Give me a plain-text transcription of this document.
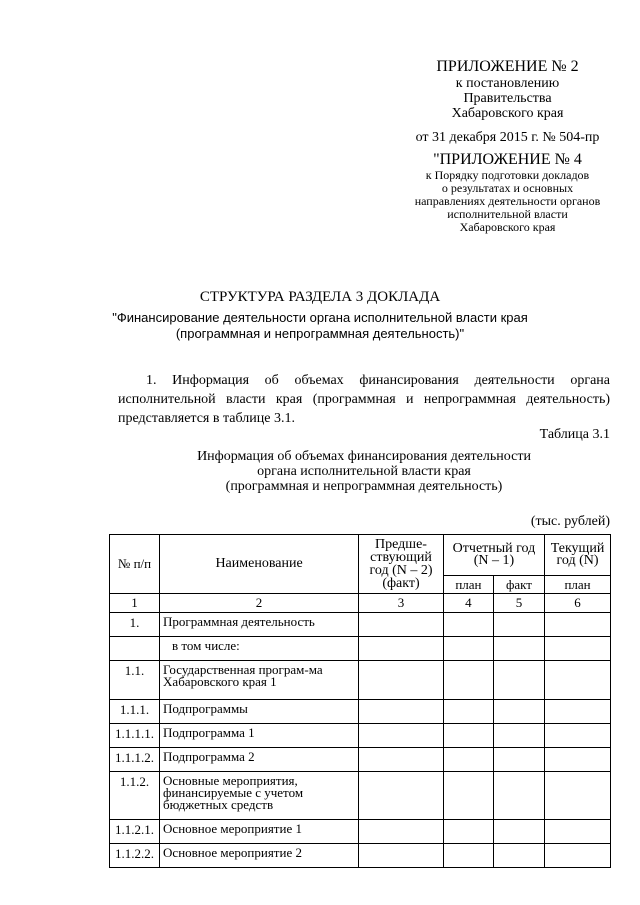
ПРИЛОЖЕНИЕ № 2
к постановлению
Правительства
Хабаровского края
от 31 декабря 2015 г. № 504-пр
"ПРИЛОЖЕНИЕ № 4
к Порядку подготовки докладов
о результатах и основных
направлениях деятельности органов
исполнительной власти
Хабаровского края
СТРУКТУРА РАЗДЕЛА 3 ДОКЛАДА
"Финансирование деятельности органа исполнительной власти края
(программная и непрограммная деятельность)"

1. Информация об объемах финансирования деятельности органа исполнительной власти края (программная и непрограммная деятельность) представляется в таблице 3.1.

Таблица 3.1
Информация об объемах финансирования деятельности
органа исполнительной власти края
(программная и непрограммная деятельность)
(тыс. рублей)
№ п/п	Наименование	Предше-ствующий год (N – 2) (факт)	Отчетный год (N – 1)		Текущий год (N)
			план	факт	план
1	2	3	4	5	6
1.	Программная деятельность				
	в том числе:				
1.1.	Государственная програм-ма Хабаровского края 1				
1.1.1.	Подпрограммы				
1.1.1.1.	Подпрограмма 1				
1.1.1.2.	Подпрограмма 2				
1.1.2.	Основные мероприятия, финансируемые с учетом бюджетных средств				
1.1.2.1.	Основное мероприятие 1				
1.1.2.2.	Основное мероприятие 2				
